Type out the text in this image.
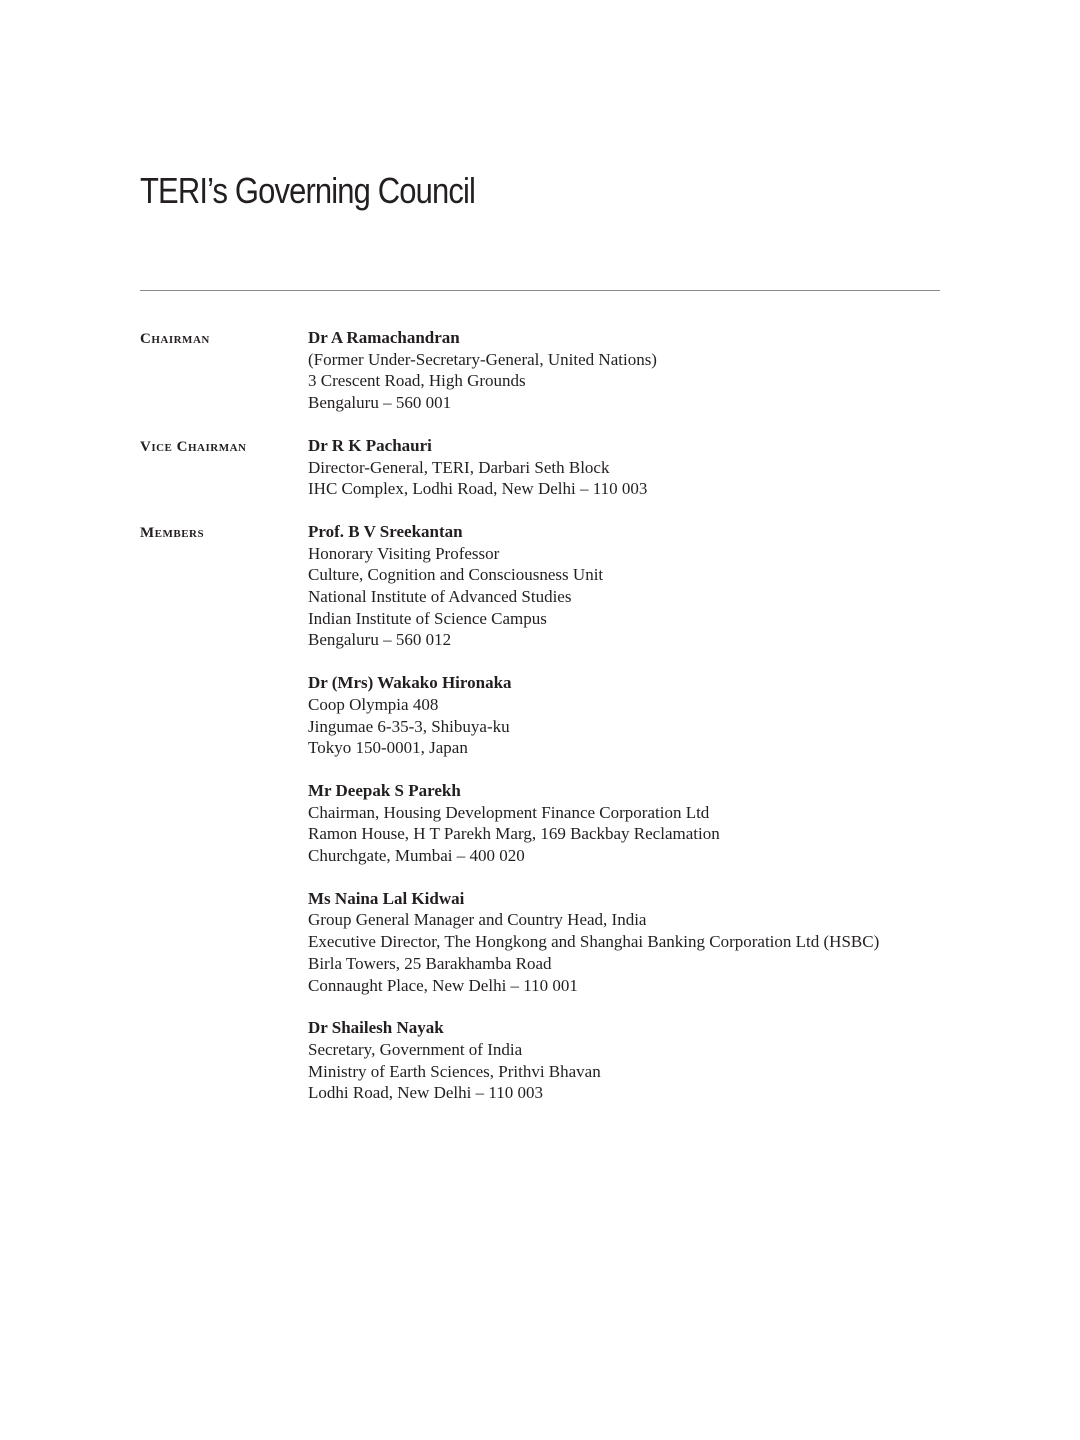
TERI’s Governing Council
Chairman	Dr A Ramachandran
(Former Under-Secretary-General, United Nations)
3 Crescent Road, High Grounds
Bengaluru – 560 001
Vice Chairman	Dr R K Pachauri
Director-General, TERI, Darbari Seth Block
IHC Complex, Lodhi Road, New Delhi – 110 003
Members	Prof. B V Sreekantan
Honorary Visiting Professor
Culture, Cognition and Consciousness Unit
National Institute of Advanced Studies
Indian Institute of Science Campus
Bengaluru – 560 012
Dr (Mrs) Wakako Hironaka
Coop Olympia 408
Jingumae 6-35-3, Shibuya-ku
Tokyo 150-0001, Japan
Mr Deepak S Parekh
Chairman, Housing Development Finance Corporation Ltd
Ramon House, H T Parekh Marg, 169 Backbay Reclamation
Churchgate, Mumbai – 400 020
Ms Naina Lal Kidwai
Group General Manager and Country Head, India
Executive Director, The Hongkong and Shanghai Banking Corporation Ltd (HSBC)
Birla Towers, 25 Barakhamba Road
Connaught Place, New Delhi – 110 001
Dr Shailesh Nayak
Secretary, Government of India
Ministry of Earth Sciences, Prithvi Bhavan
Lodhi Road, New Delhi – 110 003
